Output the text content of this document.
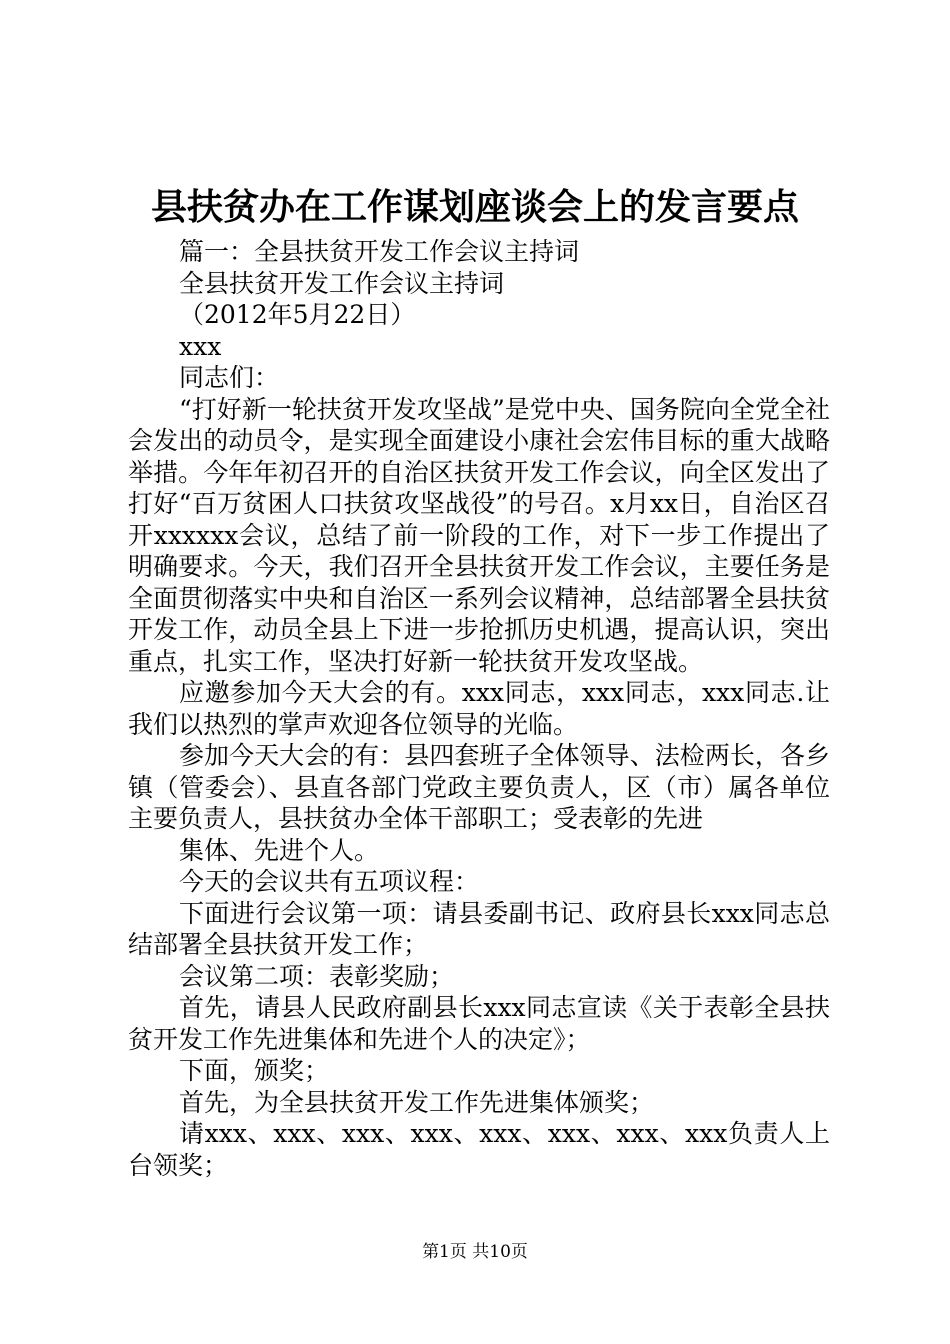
县扶贫办在工作谋划座谈会上的发言要点

篇一：全县扶贫开发工作会议主持词

全县扶贫开发工作会议主持词

（2012年5月22日）

xxx

同志们：

“打好新一轮扶贫开发攻坚战”是党中央、国务院向全党全社会发出的动员令，是实现全面建设小康社会宏伟目标的重大战略举措。今年年初召开的自治区扶贫开发工作会议，向全区发出了打好“百万贫困人口扶贫攻坚战役”的号召。x月xx日，自治区召开xxxxxx会议，总结了前一阶段的工作，对下一步工作提出了明确要求。今天，我们召开全县扶贫开发工作会议，主要任务是全面贯彻落实中央和自治区一系列会议精神，总结部署全县扶贫开发工作，动员全县上下进一步抢抓历史机遇，提高认识，突出重点，扎实工作，坚决打好新一轮扶贫开发攻坚战。

应邀参加今天大会的有。xxx同志，xxx同志，xxx同志.让我们以热烈的掌声欢迎各位领导的光临。

参加今天大会的有：县四套班子全体领导、法检两长，各乡镇（管委会）、县直各部门党政主要负责人，区（市）属各单位主要负责人，县扶贫办全体干部职工；受表彰的先进

集体、先进个人。

今天的会议共有五项议程：

下面进行会议第一项：请县委副书记、政府县长xxx同志总结部署全县扶贫开发工作；

会议第二项：表彰奖励；

首先，请县人民政府副县长xxx同志宣读《关于表彰全县扶贫开发工作先进集体和先进个人的决定》；

下面，颁奖；

首先，为全县扶贫开发工作先进集体颁奖；

请xxx、xxx、xxx、xxx、xxx、xxx、xxx、xxx负责人上台领奖；

第1页 共10页
